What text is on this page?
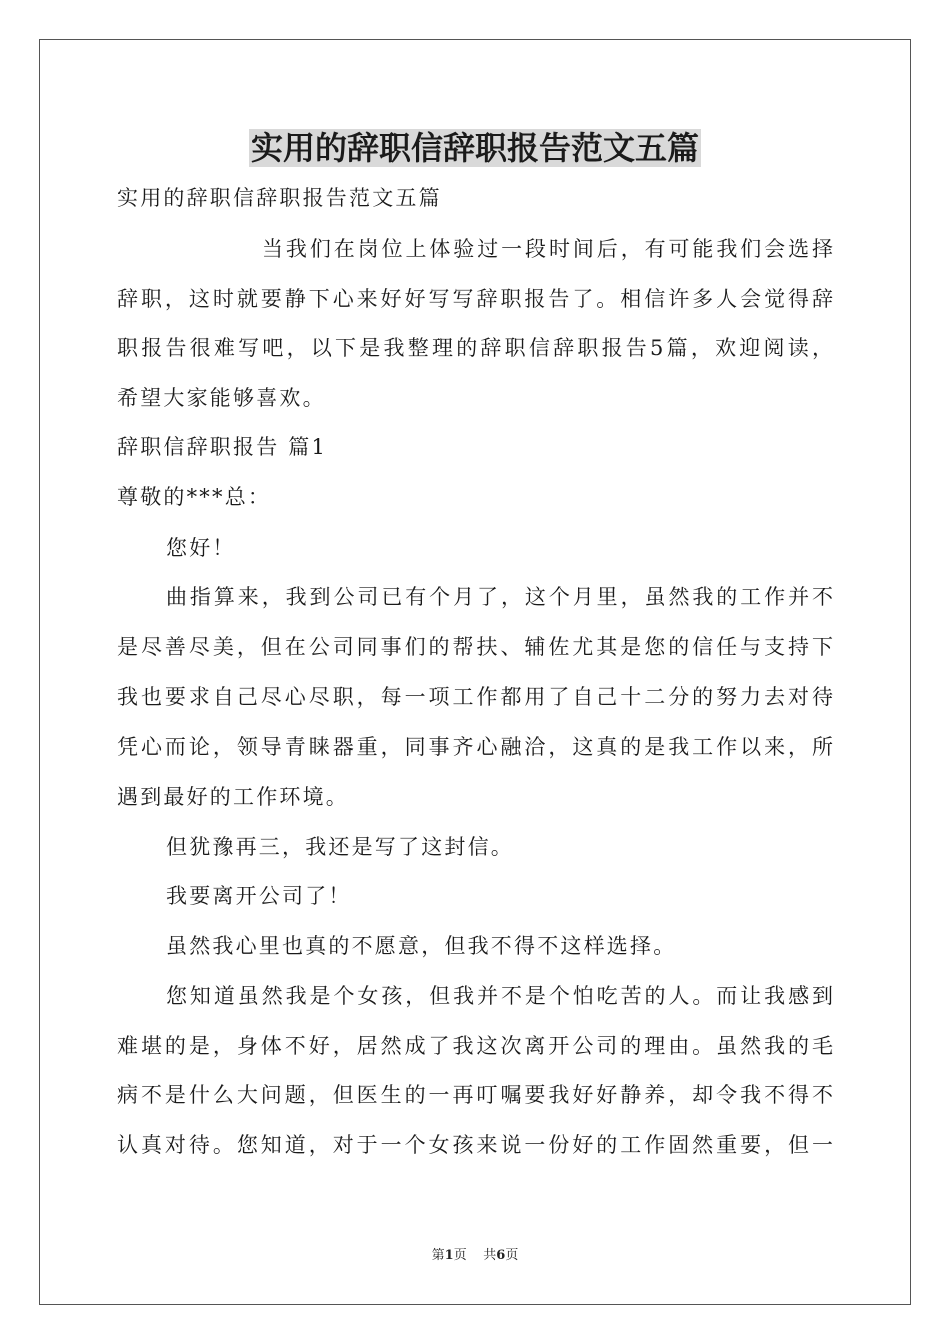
实用的辞职信辞职报告范文五篇
实用的辞职信辞职报告范文五篇
当我们在岗位上体验过一段时间后，有可能我们会选择
辞职，这时就要静下心来好好写写辞职报告了。相信许多人会觉得辞
职报告很难写吧，以下是我整理的辞职信辞职报告5篇，欢迎阅读，
希望大家能够喜欢。
辞职信辞职报告 篇1
尊敬的***总：
您好！
曲指算来，我到公司已有个月了，这个月里，虽然我的工作并不
是尽善尽美，但在公司同事们的帮扶、辅佐尤其是您的信任与支持下
我也要求自己尽心尽职，每一项工作都用了自己十二分的努力去对待
凭心而论，领导青睐器重，同事齐心融洽，这真的是我工作以来，所
遇到最好的工作环境。
但犹豫再三，我还是写了这封信。
我要离开公司了！
虽然我心里也真的不愿意，但我不得不这样选择。
您知道虽然我是个女孩，但我并不是个怕吃苦的人。而让我感到
难堪的是，身体不好，居然成了我这次离开公司的理由。虽然我的毛
病不是什么大问题，但医生的一再叮嘱要我好好静养，却令我不得不
认真对待。您知道，对于一个女孩来说一份好的工作固然重要，但一
第1页 共6页
